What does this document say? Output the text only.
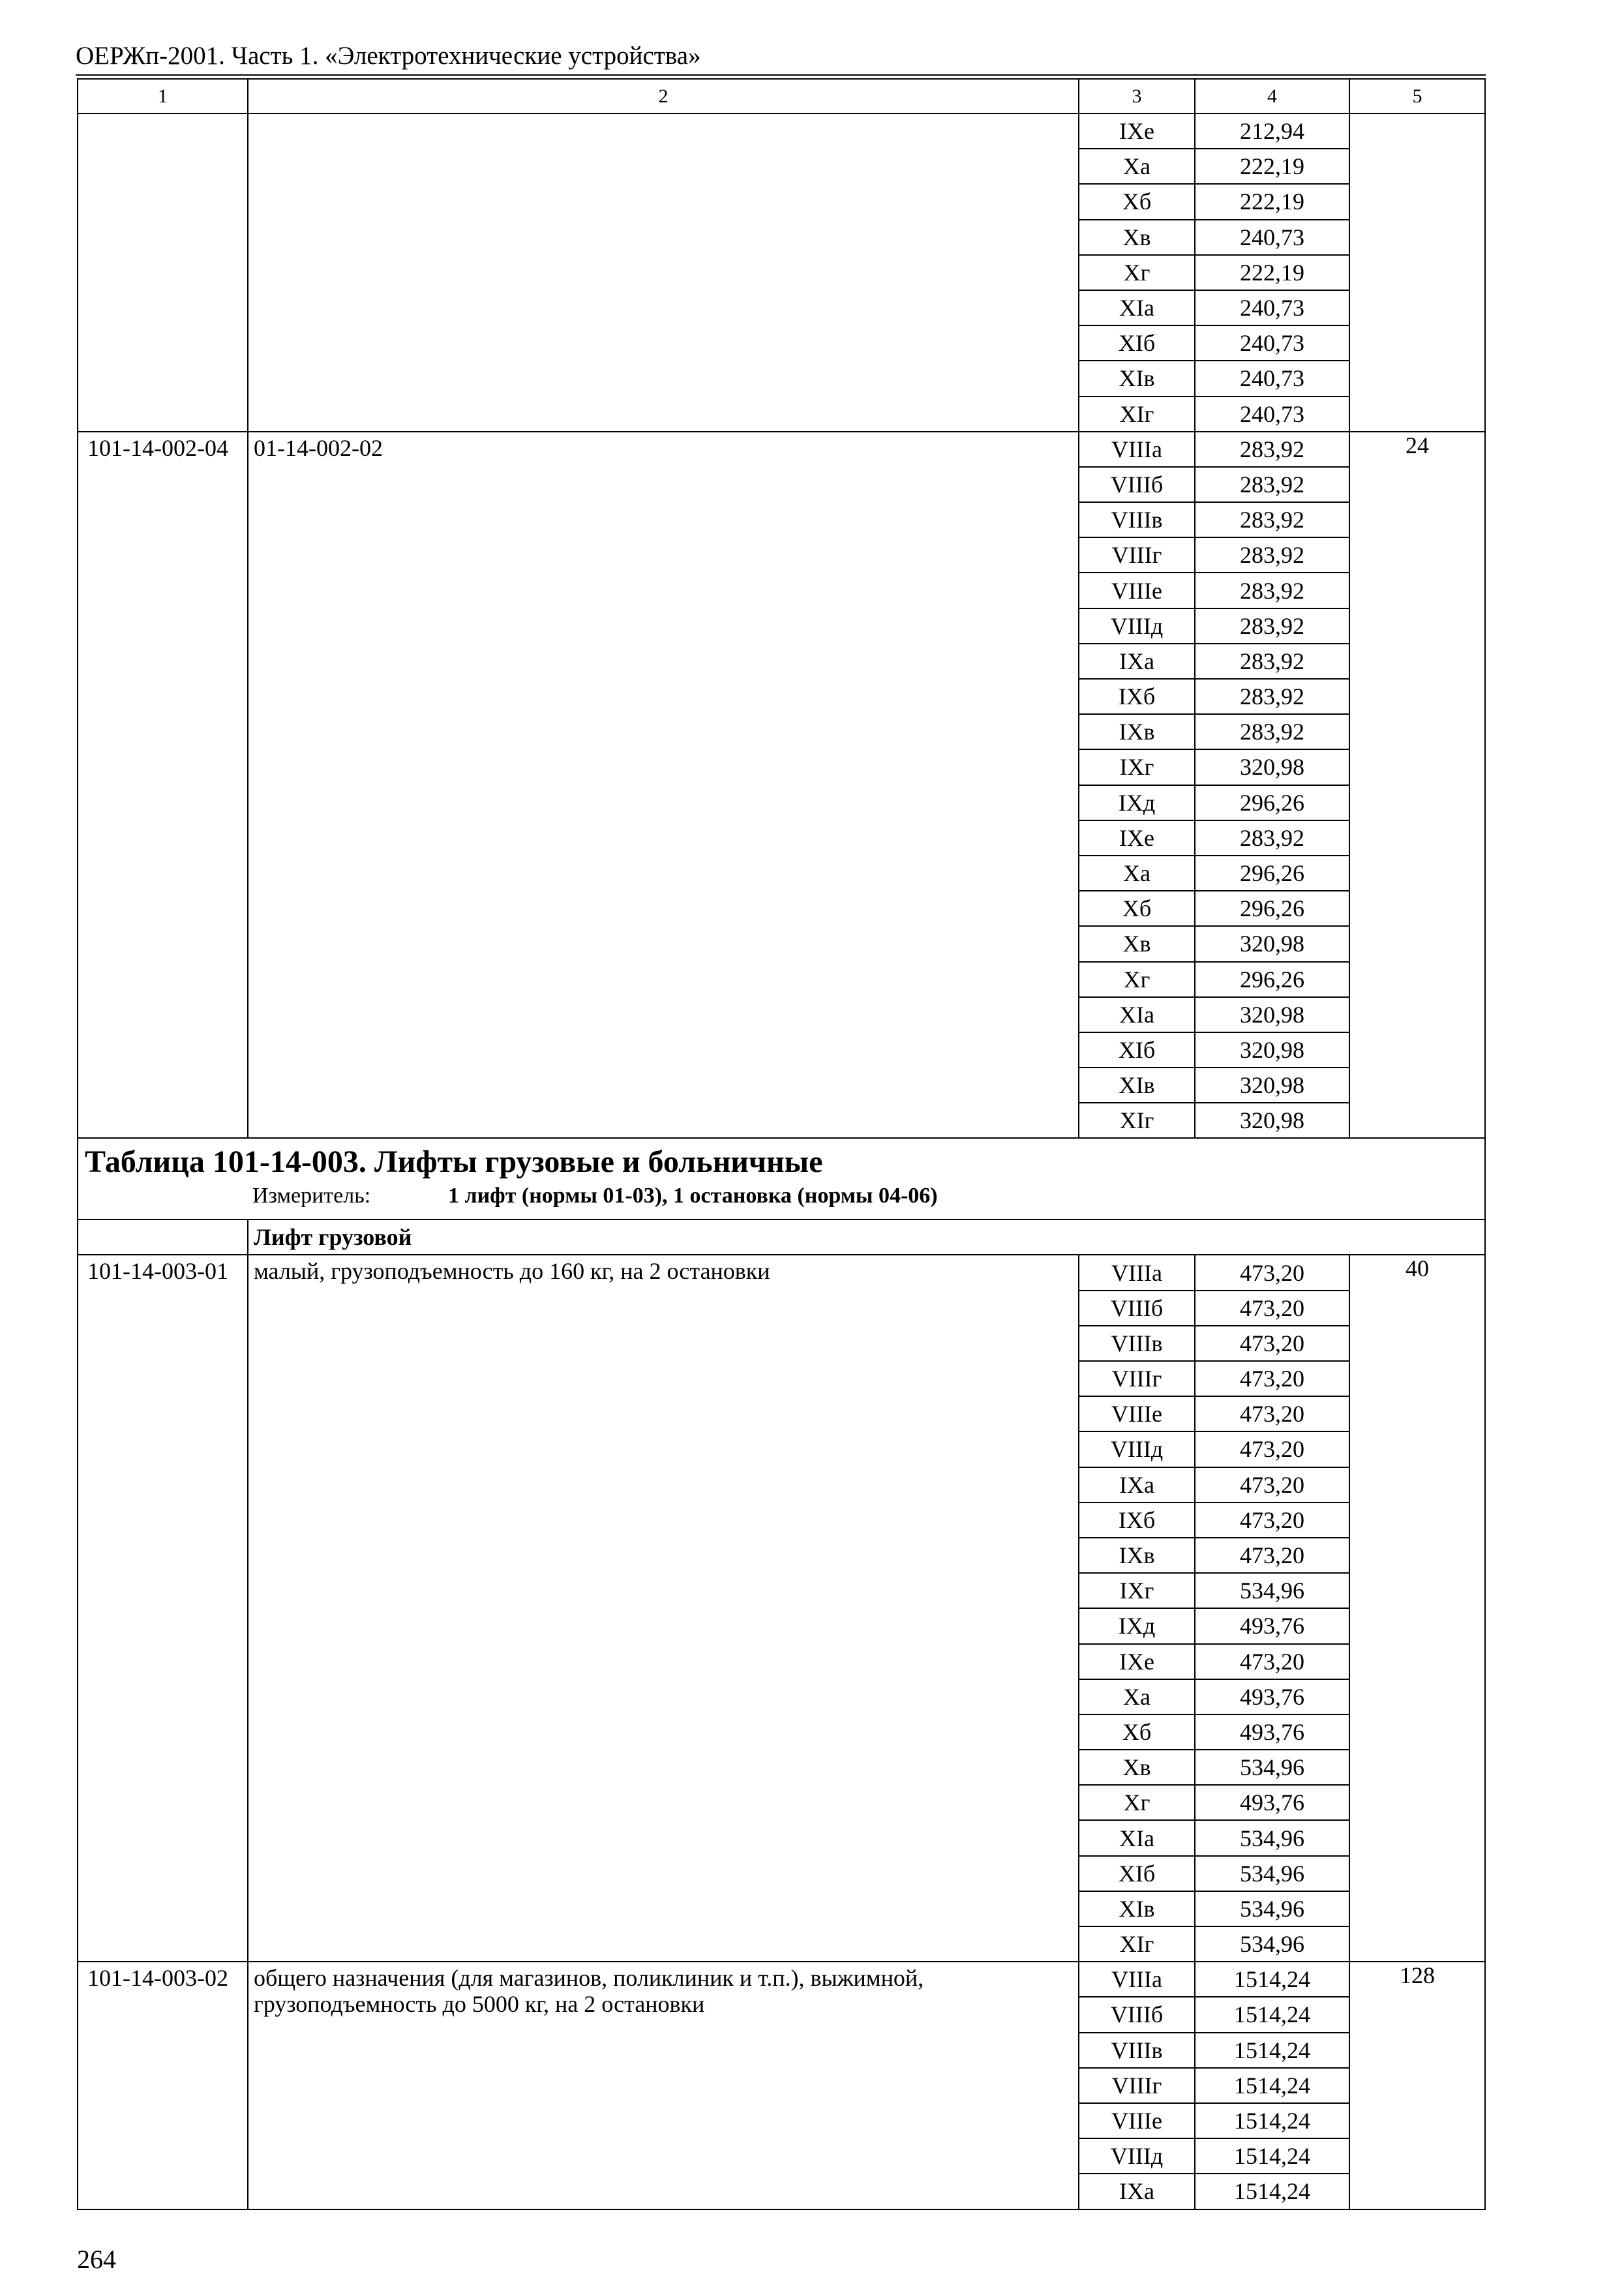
ОЕРЖп-2001. Часть 1. «Электротехнические устройства»
1	2	3	4	5
		IXе	212,94	
		Xа	222,19	
		Xб	222,19	
		Xв	240,73	
		Xг	222,19	
		XIа	240,73	
		XIб	240,73	
		XIв	240,73	
		XIг	240,73	
101-14-002-04	01-14-002-02	VIIIа	283,92	24
		VIIIб	283,92	
		VIIIв	283,92	
		VIIIг	283,92	
		VIIIе	283,92	
		VIIIд	283,92	
		IXа	283,92	
		IXб	283,92	
		IXв	283,92	
		IXг	320,98	
		IXд	296,26	
		IXе	283,92	
		Xа	296,26	
		Xб	296,26	
		Xв	320,98	
		Xг	296,26	
		XIа	320,98	
		XIб	320,98	
		XIв	320,98	
		XIг	320,98	

Таблица 101-14-003. Лифты грузовые и больничные
Измеритель: 1 лифт (нормы 01-03), 1 остановка (нормы 04-06)				

	Лифт грузовой			
101-14-003-01	малый, грузоподъемность до 160 кг, на 2 остановки	VIIIа	473,20	40
		VIIIб	473,20	
		VIIIв	473,20	
		VIIIг	473,20	
		VIIIе	473,20	
		VIIIд	473,20	
		IXа	473,20	
		IXб	473,20	
		IXв	473,20	
		IXг	534,96	
		IXд	493,76	
		IXе	473,20	
		Xа	493,76	
		Xб	493,76	
		Xв	534,96	
		Xг	493,76	
		XIа	534,96	
		XIб	534,96	
		XIв	534,96	
		XIг	534,96	
101-14-003-02	общего назначения (для магазинов, поликлиник и т.п.), выжимной,
грузоподъемность до 5000 кг, на 2 остановки	VIIIа	1514,24	128
		VIIIб	1514,24	
		VIIIв	1514,24	
		VIIIг	1514,24	
		VIIIе	1514,24	
		VIIIд	1514,24	
		IXа	1514,24	
264
